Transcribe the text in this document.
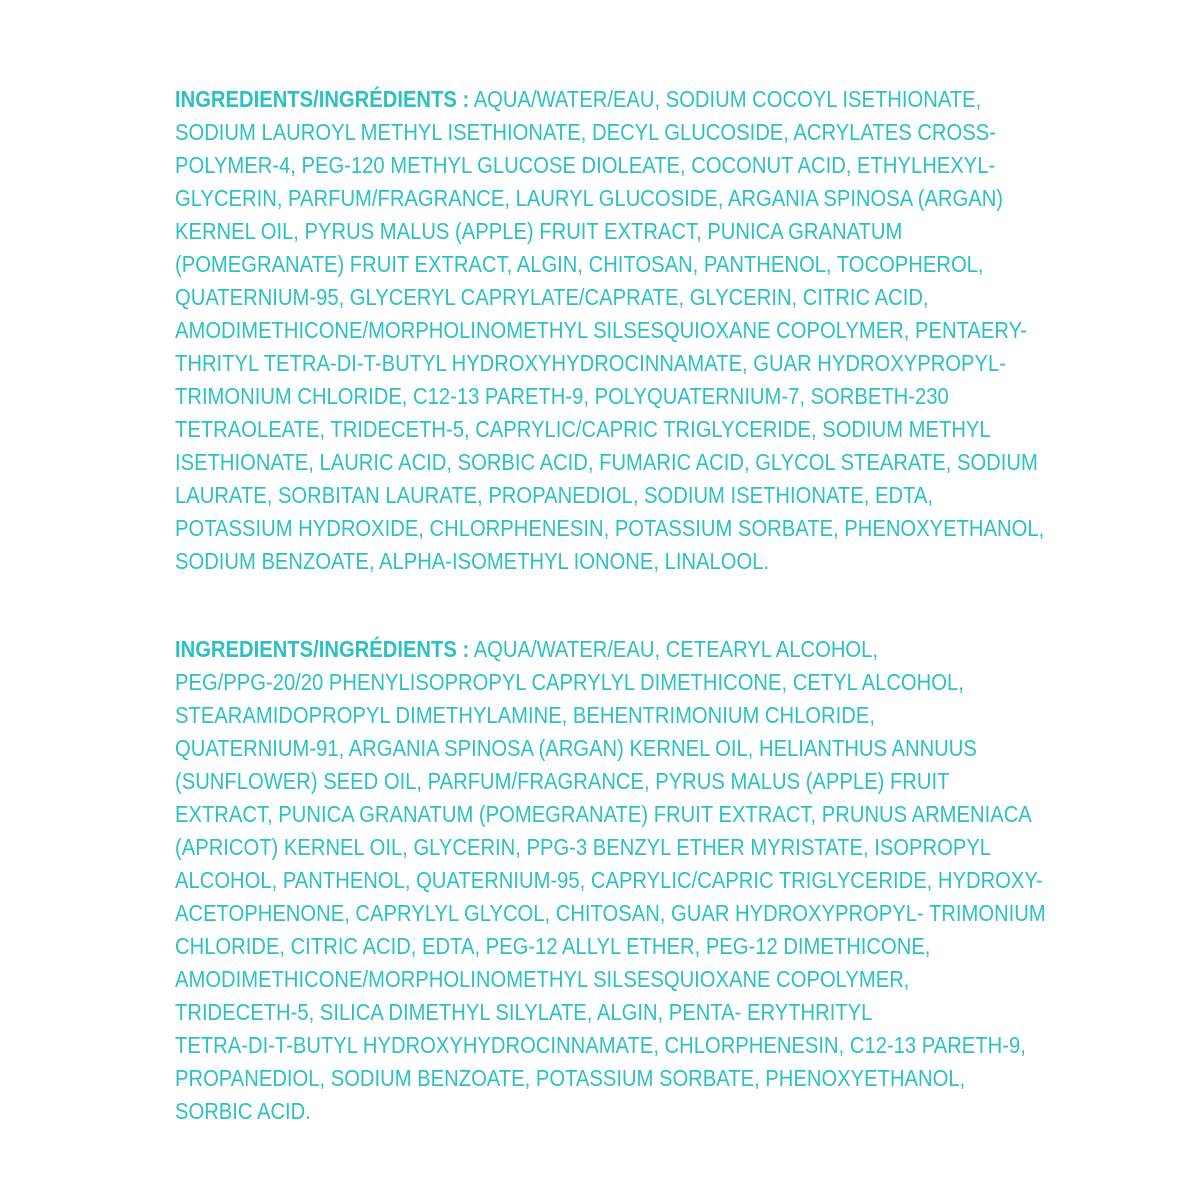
INGREDIENTS/INGRÉDIENTS : AQUA/WATER/EAU, SODIUM COCOYL ISETHIONATE,
SODIUM LAUROYL METHYL ISETHIONATE, DECYL GLUCOSIDE, ACRYLATES CROSS-
POLYMER-4, PEG-120 METHYL GLUCOSE DIOLEATE, COCONUT ACID, ETHYLHEXYL-
GLYCERIN, PARFUM/FRAGRANCE, LAURYL GLUCOSIDE, ARGANIA SPINOSA (ARGAN)
KERNEL OIL, PYRUS MALUS (APPLE) FRUIT EXTRACT, PUNICA GRANATUM
(POMEGRANATE) FRUIT EXTRACT, ALGIN, CHITOSAN, PANTHENOL, TOCOPHEROL,
QUATERNIUM-95, GLYCERYL CAPRYLATE/CAPRATE, GLYCERIN, CITRIC ACID,
AMODIMETHICONE/MORPHOLINOMETHYL SILSESQUIOXANE COPOLYMER, PENTAERY-
THRITYL TETRA-DI-T-BUTYL HYDROXYHYDROCINNAMATE, GUAR HYDROXYPROPYL-
TRIMONIUM CHLORIDE, C12-13 PARETH-9, POLYQUATERNIUM-7, SORBETH-230
TETRAOLEATE, TRIDECETH-5, CAPRYLIC/CAPRIC TRIGLYCERIDE, SODIUM METHYL
ISETHIONATE, LAURIC ACID, SORBIC ACID, FUMARIC ACID, GLYCOL STEARATE, SODIUM
LAURATE, SORBITAN LAURATE, PROPANEDIOL, SODIUM ISETHIONATE, EDTA,
POTASSIUM HYDROXIDE, CHLORPHENESIN, POTASSIUM SORBATE, PHENOXYETHANOL,
SODIUM BENZOATE, ALPHA-ISOMETHYL IONONE, LINALOOL.
INGREDIENTS/INGRÉDIENTS : AQUA/WATER/EAU, CETEARYL ALCOHOL,
PEG/PPG-20/20 PHENYLISOPROPYL CAPRYLYL DIMETHICONE, CETYL ALCOHOL,
STEARAMIDOPROPYL DIMETHYLAMINE, BEHENTRIMONIUM CHLORIDE,
QUATERNIUM-91, ARGANIA SPINOSA (ARGAN) KERNEL OIL, HELIANTHUS ANNUUS
(SUNFLOWER) SEED OIL, PARFUM/FRAGRANCE, PYRUS MALUS (APPLE) FRUIT
EXTRACT, PUNICA GRANATUM (POMEGRANATE) FRUIT EXTRACT, PRUNUS ARMENIACA
(APRICOT) KERNEL OIL, GLYCERIN, PPG-3 BENZYL ETHER MYRISTATE, ISOPROPYL
ALCOHOL, PANTHENOL, QUATERNIUM-95, CAPRYLIC/CAPRIC TRIGLYCERIDE, HYDROXY-
ACETOPHENONE, CAPRYLYL GLYCOL, CHITOSAN, GUAR HYDROXYPROPYL- TRIMONIUM
CHLORIDE, CITRIC ACID, EDTA, PEG-12 ALLYL ETHER, PEG-12 DIMETHICONE,
AMODIMETHICONE/MORPHOLINOMETHYL SILSESQUIOXANE COPOLYMER,
TRIDECETH-5, SILICA DIMETHYL SILYLATE, ALGIN, PENTA- ERYTHRITYL
TETRA-DI-T-BUTYL HYDROXYHYDROCINNAMATE, CHLORPHENESIN, C12-13 PARETH-9,
PROPANEDIOL, SODIUM BENZOATE, POTASSIUM SORBATE, PHENOXYETHANOL,
SORBIC ACID.
